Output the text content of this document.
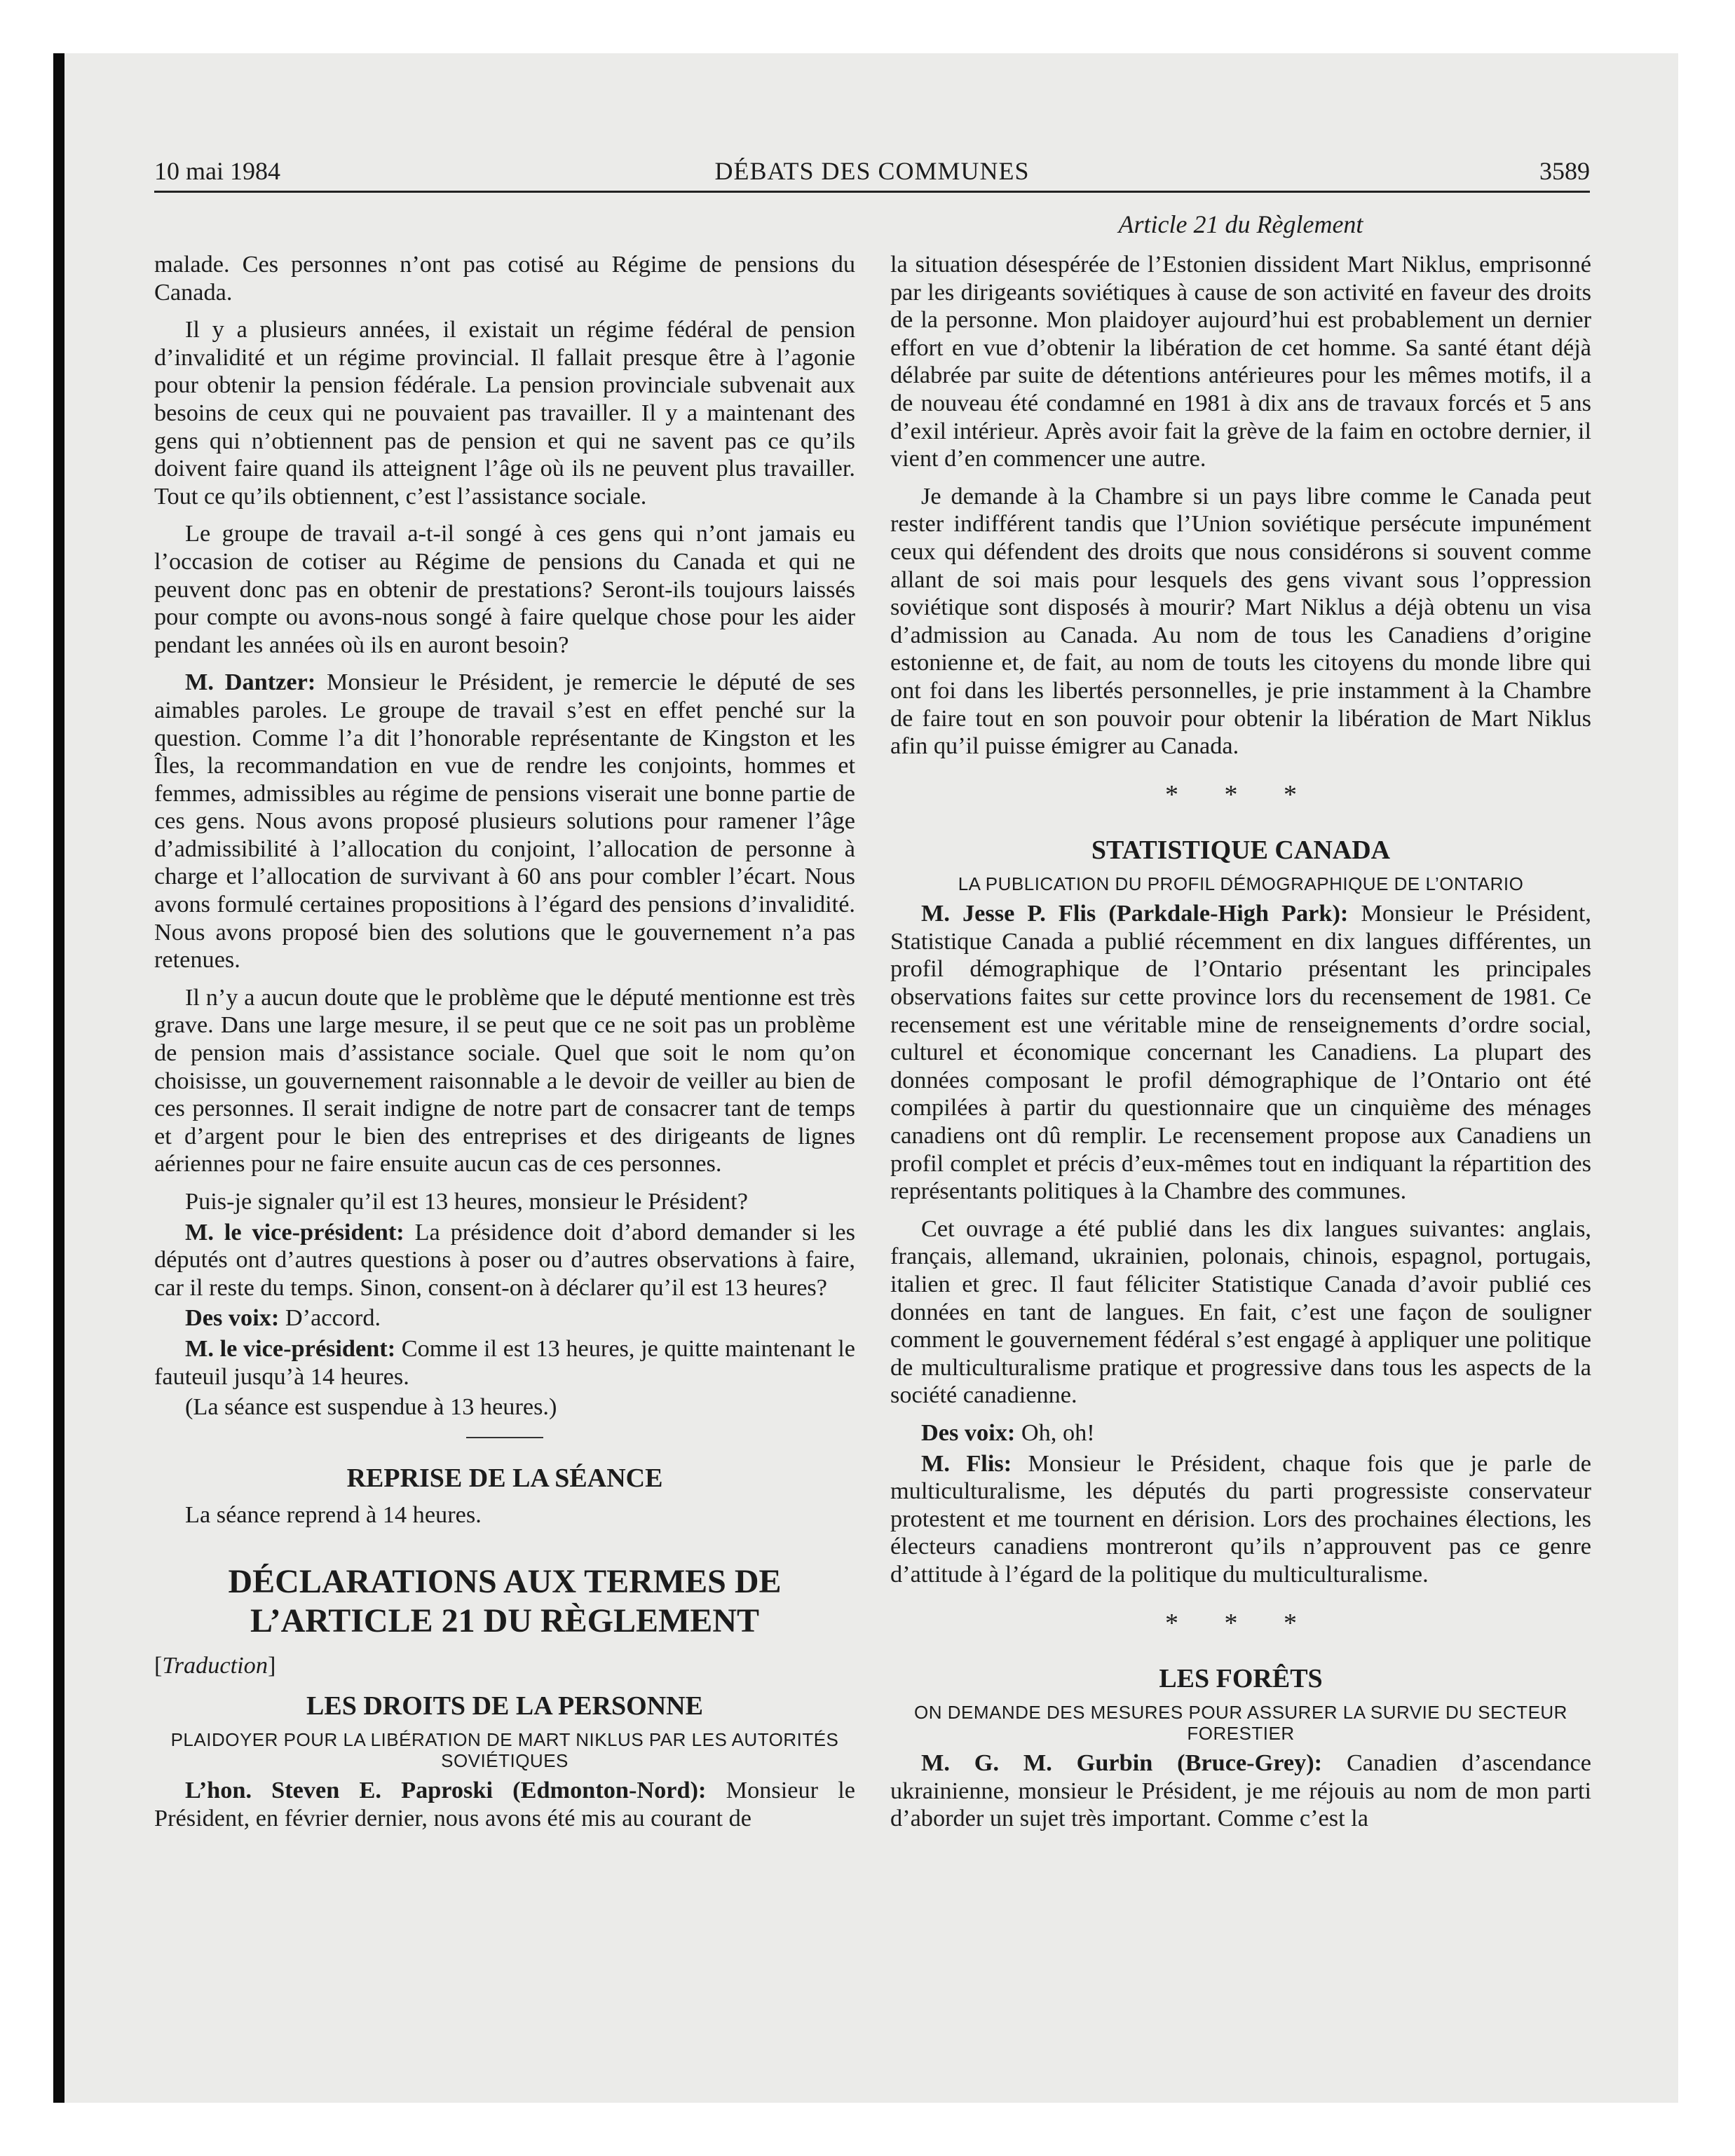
10 mai 1984	DÉBATS DES COMMUNES	3589
Article 21 du Règlement

malade. Ces personnes n’ont pas cotisé au Régime de pensions du Canada.

Il y a plusieurs années, il existait un régime fédéral de pension d’invalidité et un régime provincial. Il fallait presque être à l’agonie pour obtenir la pension fédérale. La pension provinciale subvenait aux besoins de ceux qui ne pouvaient pas travailler. Il y a maintenant des gens qui n’obtiennent pas de pension et qui ne savent pas ce qu’ils doivent faire quand ils atteignent l’âge où ils ne peuvent plus travailler. Tout ce qu’ils obtiennent, c’est l’assistance sociale.

Le groupe de travail a-t-il songé à ces gens qui n’ont jamais eu l’occasion de cotiser au Régime de pensions du Canada et qui ne peuvent donc pas en obtenir de prestations? Seront-ils toujours laissés pour compte ou avons-nous songé à faire quelque chose pour les aider pendant les années où ils en auront besoin?

M. Dantzer: Monsieur le Président, je remercie le député de ses aimables paroles. Le groupe de travail s’est en effet penché sur la question. Comme l’a dit l’honorable représentante de Kingston et les Îles, la recommandation en vue de rendre les conjoints, hommes et femmes, admissibles au régime de pensions viserait une bonne partie de ces gens. Nous avons proposé plusieurs solutions pour ramener l’âge d’admissibilité à l’allocation du conjoint, l’allocation de personne à charge et l’allocation de survivant à 60 ans pour combler l’écart. Nous avons formulé certaines propositions à l’égard des pensions d’invalidité. Nous avons proposé bien des solutions que le gouvernement n’a pas retenues.

Il n’y a aucun doute que le problème que le député mentionne est très grave. Dans une large mesure, il se peut que ce ne soit pas un problème de pension mais d’assistance sociale. Quel que soit le nom qu’on choisisse, un gouvernement raisonnable a le devoir de veiller au bien de ces personnes. Il serait indigne de notre part de consacrer tant de temps et d’argent pour le bien des entreprises et des dirigeants de lignes aériennes pour ne faire ensuite aucun cas de ces personnes.

Puis-je signaler qu’il est 13 heures, monsieur le Président?

M. le vice-président: La présidence doit d’abord demander si les députés ont d’autres questions à poser ou d’autres observations à faire, car il reste du temps. Sinon, consent-on à déclarer qu’il est 13 heures?

Des voix: D’accord.

M. le vice-président: Comme il est 13 heures, je quitte maintenant le fauteuil jusqu’à 14 heures.

(La séance est suspendue à 13 heures.)

REPRISE DE LA SÉANCE

La séance reprend à 14 heures.

DÉCLARATIONS AUX TERMES DE L’ARTICLE 21 DU RÈGLEMENT

[Traduction]

LES DROITS DE LA PERSONNE
PLAIDOYER POUR LA LIBÉRATION DE MART NIKLUS PAR LES AUTORITÉS SOVIÉTIQUES

L’hon. Steven E. Paproski (Edmonton-Nord): Monsieur le Président, en février dernier, nous avons été mis au courant de

la situation désespérée de l’Estonien dissident Mart Niklus, emprisonné par les dirigeants soviétiques à cause de son activité en faveur des droits de la personne. Mon plaidoyer aujourd’hui est probablement un dernier effort en vue d’obtenir la libération de cet homme. Sa santé étant déjà délabrée par suite de détentions antérieures pour les mêmes motifs, il a de nouveau été condamné en 1981 à dix ans de travaux forcés et 5 ans d’exil intérieur. Après avoir fait la grève de la faim en octobre dernier, il vient d’en commencer une autre.

Je demande à la Chambre si un pays libre comme le Canada peut rester indifférent tandis que l’Union soviétique persécute impunément ceux qui défendent des droits que nous considérons si souvent comme allant de soi mais pour lesquels des gens vivant sous l’oppression soviétique sont disposés à mourir? Mart Niklus a déjà obtenu un visa d’admission au Canada. Au nom de tous les Canadiens d’origine estonienne et, de fait, au nom de touts les citoyens du monde libre qui ont foi dans les libertés personnelles, je prie instamment à la Chambre de faire tout en son pouvoir pour obtenir la libération de Mart Niklus afin qu’il puisse émigrer au Canada.

* * *
STATISTIQUE CANADA
LA PUBLICATION DU PROFIL DÉMOGRAPHIQUE DE L’ONTARIO

M. Jesse P. Flis (Parkdale-High Park): Monsieur le Président, Statistique Canada a publié récemment en dix langues différentes, un profil démographique de l’Ontario présentant les principales observations faites sur cette province lors du recensement de 1981. Ce recensement est une véritable mine de renseignements d’ordre social, culturel et économique concernant les Canadiens. La plupart des données composant le profil démographique de l’Ontario ont été compilées à partir du questionnaire que un cinquième des ménages canadiens ont dû remplir. Le recensement propose aux Canadiens un profil complet et précis d’eux-mêmes tout en indiquant la répartition des représentants politiques à la Chambre des communes.

Cet ouvrage a été publié dans les dix langues suivantes: anglais, français, allemand, ukrainien, polonais, chinois, espagnol, portugais, italien et grec. Il faut féliciter Statistique Canada d’avoir publié ces données en tant de langues. En fait, c’est une façon de souligner comment le gouvernement fédéral s’est engagé à appliquer une politique de multiculturalisme pratique et progressive dans tous les aspects de la société canadienne.

Des voix: Oh, oh!

M. Flis: Monsieur le Président, chaque fois que je parle de multiculturalisme, les députés du parti progressiste conservateur protestent et me tournent en dérision. Lors des prochaines élections, les électeurs canadiens montreront qu’ils n’approuvent pas ce genre d’attitude à l’égard de la politique du multiculturalisme.

* * *
LES FORÊTS
ON DEMANDE DES MESURES POUR ASSURER LA SURVIE DU SECTEUR FORESTIER

M. G. M. Gurbin (Bruce-Grey): Canadien d’ascendance ukrainienne, monsieur le Président, je me réjouis au nom de mon parti d’aborder un sujet très important. Comme c’est la
